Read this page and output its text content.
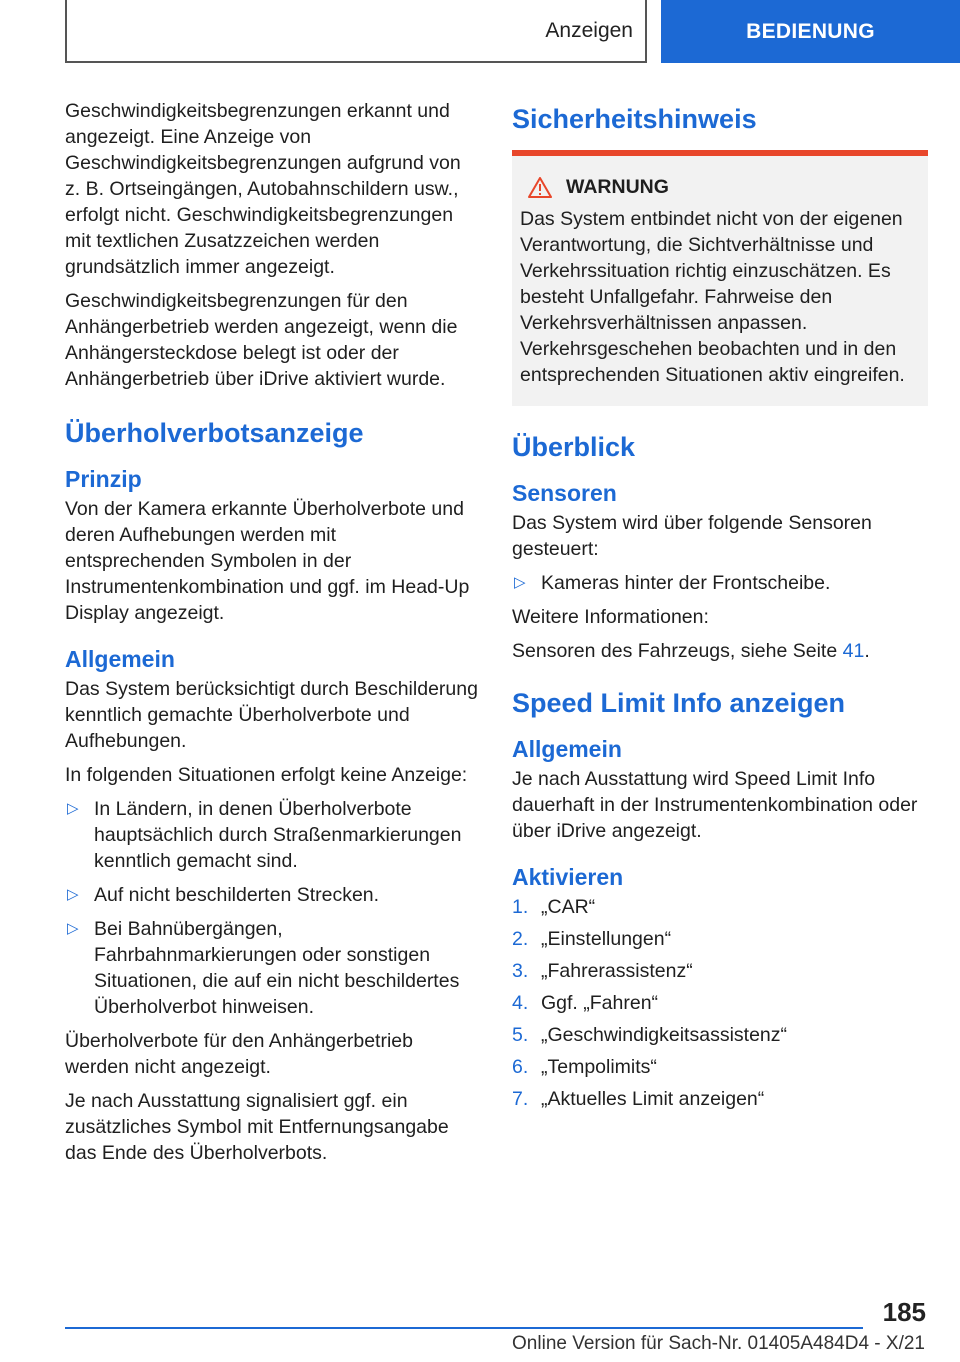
Anzeigen	BEDIENUNG

Geschwindigkeitsbegrenzungen erkannt und angezeigt. Eine Anzeige von Geschwindigkeitsbegrenzungen aufgrund von z. B. Ortseingängen, Autobahnschildern usw., erfolgt nicht. Geschwindigkeitsbegrenzungen mit textlichen Zusatzzeichen werden grundsätzlich immer angezeigt.

Geschwindigkeitsbegrenzungen für den Anhängerbetrieb werden angezeigt, wenn die Anhängersteckdose belegt ist oder der Anhängerbetrieb über iDrive aktiviert wurde.

Überholverbotsanzeige
Prinzip

Von der Kamera erkannte Überholverbote und deren Aufhebungen werden mit entsprechenden Symbolen in der Instrumentenkombination und ggf. im Head-Up Display angezeigt.

Allgemein

Das System berücksichtigt durch Beschilderung kenntlich gemachte Überholverbote und Aufhebungen.

In folgenden Situationen erfolgt keine Anzeige:

▷ In Ländern, in denen Überholverbote hauptsächlich durch Straßenmarkierungen kenntlich gemacht sind.
▷ Auf nicht beschilderten Strecken.
▷ Bei Bahnübergängen, Fahrbahnmarkierungen oder sonstigen Situationen, die auf ein nicht beschildertes Überholverbot hinweisen.

Überholverbote für den Anhängerbetrieb werden nicht angezeigt.

Je nach Ausstattung signalisiert ggf. ein zusätzliches Symbol mit Entfernungsangabe das Ende des Überholverbots.

Sicherheitshinweis
WARNUNG

Das System entbindet nicht von der eigenen Verantwortung, die Sichtverhältnisse und Verkehrssituation richtig einzuschätzen. Es besteht Unfallgefahr. Fahrweise den Verkehrsverhältnissen anpassen. Verkehrsgeschehen beobachten und in den entsprechenden Situationen aktiv eingreifen.

Überblick
Sensoren

Das System wird über folgende Sensoren gesteuert:

▷ Kameras hinter der Frontscheibe.

Weitere Informationen:

Sensoren des Fahrzeugs, siehe Seite 41.

Speed Limit Info anzeigen
Allgemein

Je nach Ausstattung wird Speed Limit Info dauerhaft in der Instrumentenkombination oder über iDrive angezeigt.

Aktivieren
1. „CAR“
2. „Einstellungen“
3. „Fahrerassistenz“
4. Ggf. „Fahren“
5. „Geschwindigkeitsassistenz“
6. „Tempolimits“
7. „Aktuelles Limit anzeigen“
185
Online Version für Sach-Nr. 01405A484D4 - X/21
